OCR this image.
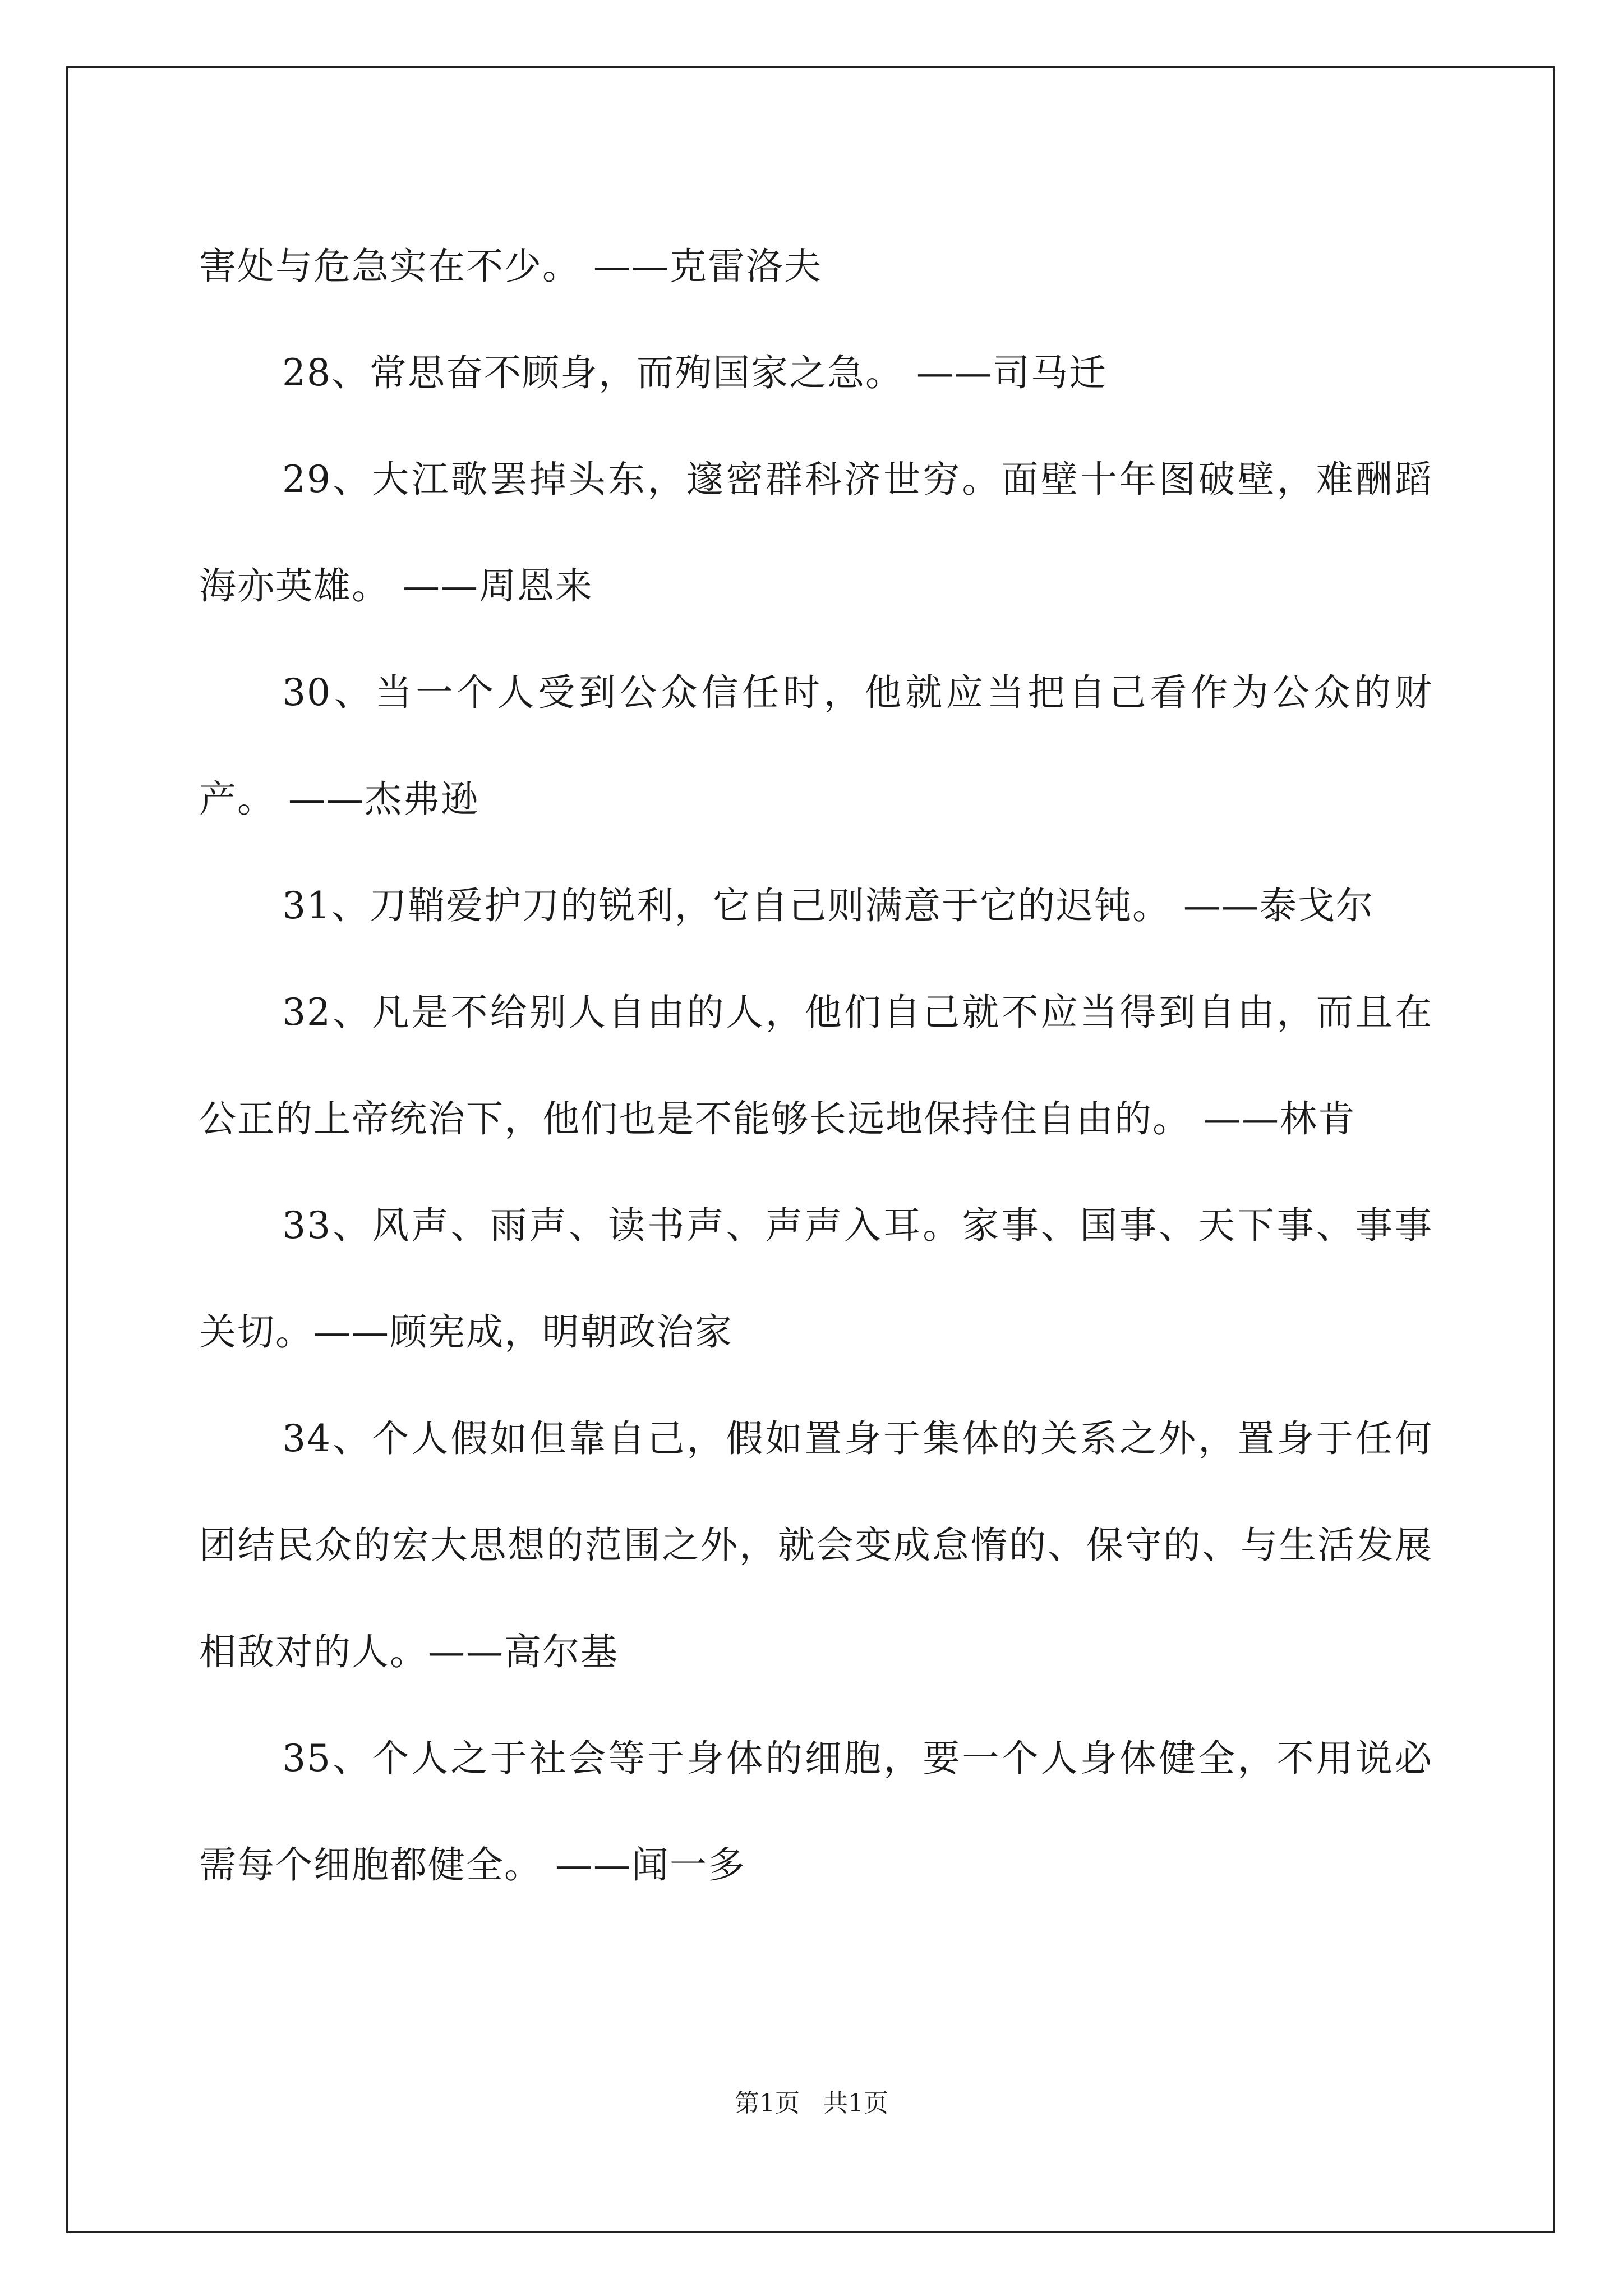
害处与危急实在不少。 ——克雷洛夫

28、常思奋不顾身，而殉国家之急。 ——司马迁

29、大江歌罢掉头东，邃密群科济世穷。面壁十年图破壁，难酬蹈海亦英雄。 ——周恩来

30、当一个人受到公众信任时，他就应当把自己看作为公众的财产。 ——杰弗逊

31、刀鞘爱护刀的锐利，它自己则满意于它的迟钝。 ——泰戈尔

32、凡是不给别人自由的人，他们自己就不应当得到自由，而且在公正的上帝统治下，他们也是不能够长远地保持住自由的。 ——林肯

33、风声、雨声、读书声、声声入耳。家事、国事、天下事、事事关切。——顾宪成，明朝政治家

34、个人假如但靠自己，假如置身于集体的关系之外，置身于任何团结民众的宏大思想的范围之外，就会变成怠惰的、保守的、与生活发展相敌对的人。——高尔基

35、个人之于社会等于身体的细胞，要一个人身体健全，不用说必需每个细胞都健全。 ——闻一多

第1页 共1页
